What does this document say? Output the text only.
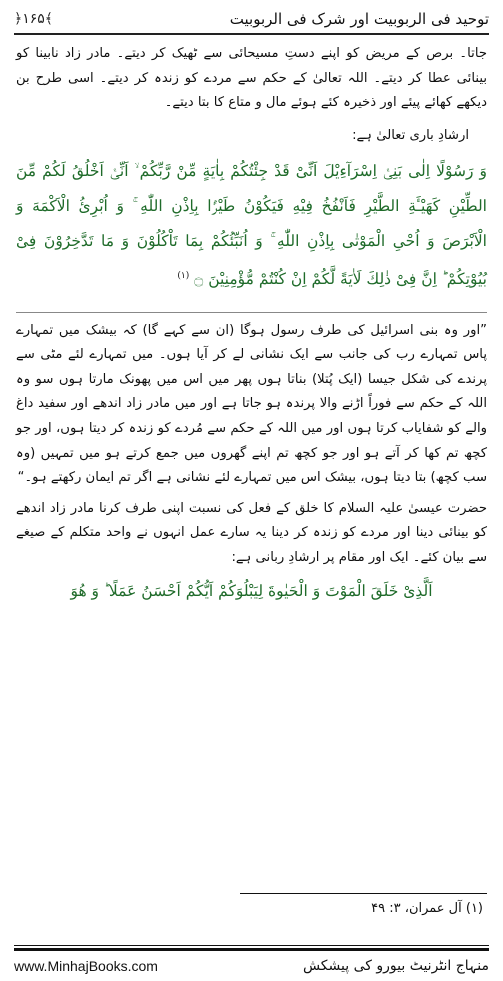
﴿۱۶۵﴾	توحید فی الربوبیت اور شرک فی الربوبیت

جاتا۔ برص کے مریض کو اپنے دستِ مسیحائی سے ٹھیک کر دیتے۔ مادر زاد نابینا کو بینائی عطا کر دیتے۔ اللہ تعالیٰ کے حکم سے مردے کو زندہ کر دیتے۔ اسی طرح بن دیکھے کھائے پیئے اور ذخیرہ کئے ہوئے مال و متاع کا بتا دیتے۔

ارشادِ باری تعالیٰ ہے:

وَ رَسُوْلًا اِلٰی بَنِیْۤ اِسْرَآءِیْلَ اَنِّیْ قَدْ جِئْتُكُمْ بِاٰیَةٍ مِّنْ رَّبِّكُمْ ۙ اَنِّیْۤ اَخْلُقُ لَكُمْ مِّنَ الطِّیْنِ كَهَیْـَٔةِ الطَّیْرِ فَاَنْفُخُ فِیْهِ فَیَكُوْنُ طَیْرًۢا بِاِذْنِ اللّٰهِ ۚ وَ اُبْرِئُ الْاَكْمَهَ وَ الْاَبْرَصَ وَ اُحْیِ الْمَوْتٰی بِاِذْنِ اللّٰهِ ۚ وَ اُنَبِّئُكُمْ بِمَا تَاْكُلُوْنَ وَ مَا تَدَّخِرُوْنَ فِیْ بُیُوْتِكُمْ ؕ اِنَّ فِیْ ذٰلِكَ لَاٰیَةً لَّكُمْ اِنْ كُنْتُمْ مُّؤْمِنِیْنَ ۝ $^{(۱)}$

”اور وہ بنی اسرائیل کی طرف رسول ہوگا (ان سے کہے گا) کہ بیشک میں تمہارے پاس تمہارے رب کی جانب سے ایک نشانی لے کر آیا ہوں۔ میں تمہارے لئے مٹی سے پرندے کی شکل جیسا (ایک پُتلا) بناتا ہوں پھر میں اس میں پھونک مارتا ہوں سو وہ اللہ کے حکم سے فوراً اڑنے والا پرندہ ہو جاتا ہے اور میں مادر زاد اندھے اور سفید داغ والے کو شفایاب کرتا ہوں اور میں اللہ کے حکم سے مُردے کو زندہ کر دیتا ہوں، اور جو کچھ تم کھا کر آتے ہو اور جو کچھ تم اپنے گھروں میں جمع کرتے ہو میں تمہیں (وہ سب کچھ) بتا دیتا ہوں، بیشک اس میں تمہارے لئے نشانی ہے اگر تم ایمان رکھتے ہو۔“

حضرت عیسیٰ علیہ السلام کا خلق کے فعل کی نسبت اپنی طرف کرنا مادر زاد اندھے کو بینائی دینا اور مردے کو زندہ کر دینا یہ سارے عمل انہوں نے واحد متکلم کے صیغے سے بیان کئے۔ ایک اور مقام پر ارشادِ ربانی ہے:

اَلَّذِیْ خَلَقَ الْمَوْتَ وَ الْحَیٰوةَ لِیَبْلُوَكُمْ اَیُّكُمْ اَحْسَنُ عَمَلًا ؕ وَ هُوَ

(۱) آل عمران، ۳: ۴۹
www.MinhajBooks.com	منہاج انٹرنیٹ بیورو کی پیشکش
